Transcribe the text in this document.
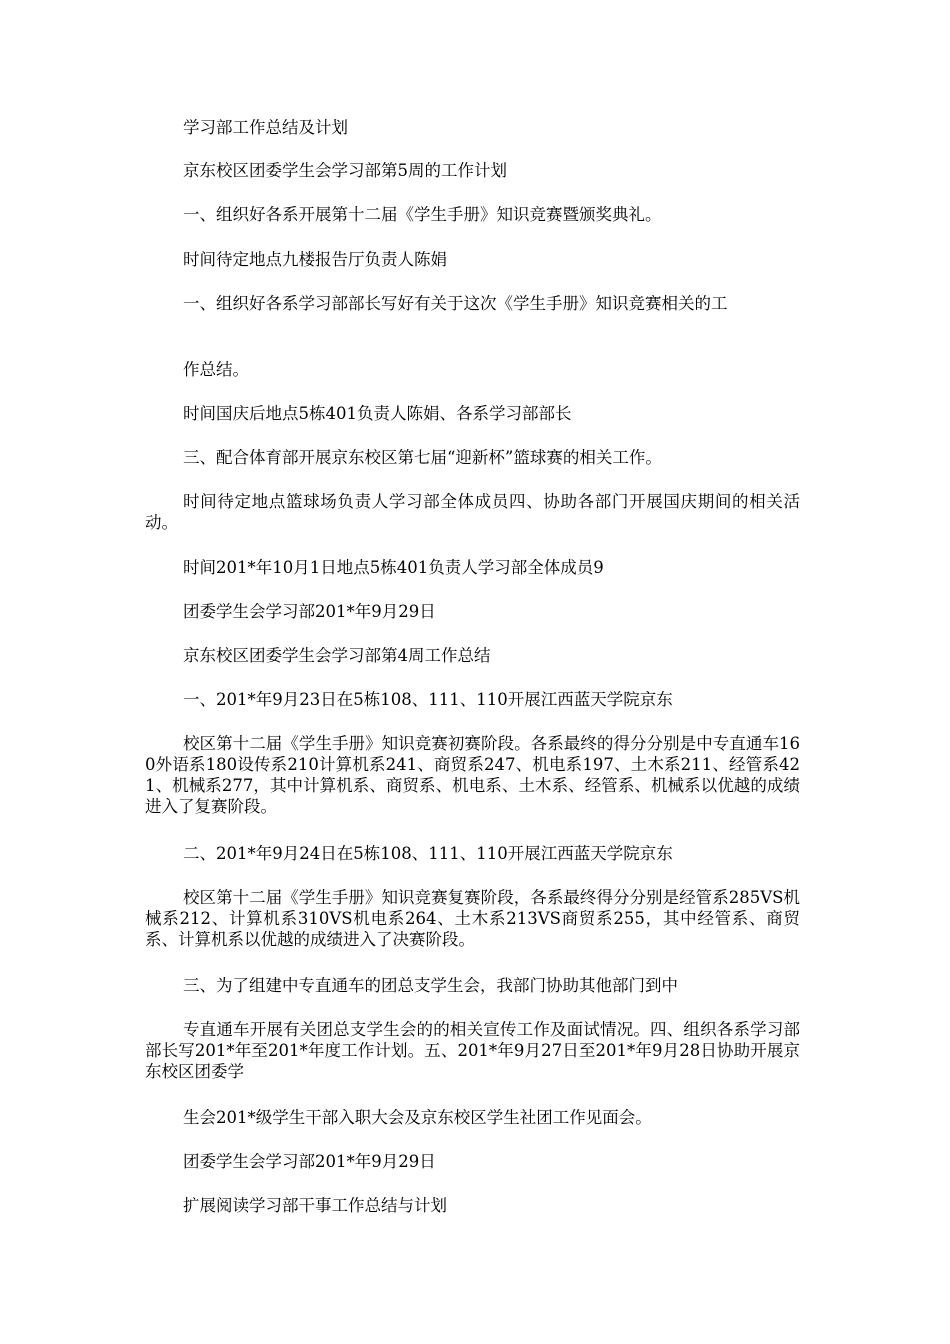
学习部工作总结及计划

京东校区团委学生会学习部第5周的工作计划

一、组织好各系开展第十二届《学生手册》知识竞赛暨颁奖典礼。

时间待定地点九楼报告厅负责人陈娟

一、组织好各系学习部部长写好有关于这次《学生手册》知识竞赛相关的工

作总结。

时间国庆后地点5栋401负责人陈娟、各系学习部部长

三、配合体育部开展京东校区第七届“迎新杯”篮球赛的相关工作。

时间待定地点篮球场负责人学习部全体成员四、协助各部门开展国庆期间的相关活动。

时间201*年10月1日地点5栋401负责人学习部全体成员9

团委学生会学习部201*年9月29日

京东校区团委学生会学习部第4周工作总结

一、201*年9月23日在5栋108、111、110开展江西蓝天学院京东

校区第十二届《学生手册》知识竞赛初赛阶段。各系最终的得分分别是中专直通车160外语系180设传系210计算机系241、商贸系247、机电系197、土木系211、经管系421、机械系277，其中计算机系、商贸系、机电系、土木系、经管系、机械系以优越的成绩进入了复赛阶段。

二、201*年9月24日在5栋108、111、110开展江西蓝天学院京东

校区第十二届《学生手册》知识竞赛复赛阶段，各系最终得分分别是经管系285VS机械系212、计算机系310VS机电系264、土木系213VS商贸系255，其中经管系、商贸系、计算机系以优越的成绩进入了决赛阶段。

三、为了组建中专直通车的团总支学生会，我部门协助其他部门到中

专直通车开展有关团总支学生会的的相关宣传工作及面试情况。四、组织各系学习部部长写201*年至201*年度工作计划。五、201*年9月27日至201*年9月28日协助开展京东校区团委学

生会201*级学生干部入职大会及京东校区学生社团工作见面会。

团委学生会学习部201*年9月29日

扩展阅读学习部干事工作总结与计划
